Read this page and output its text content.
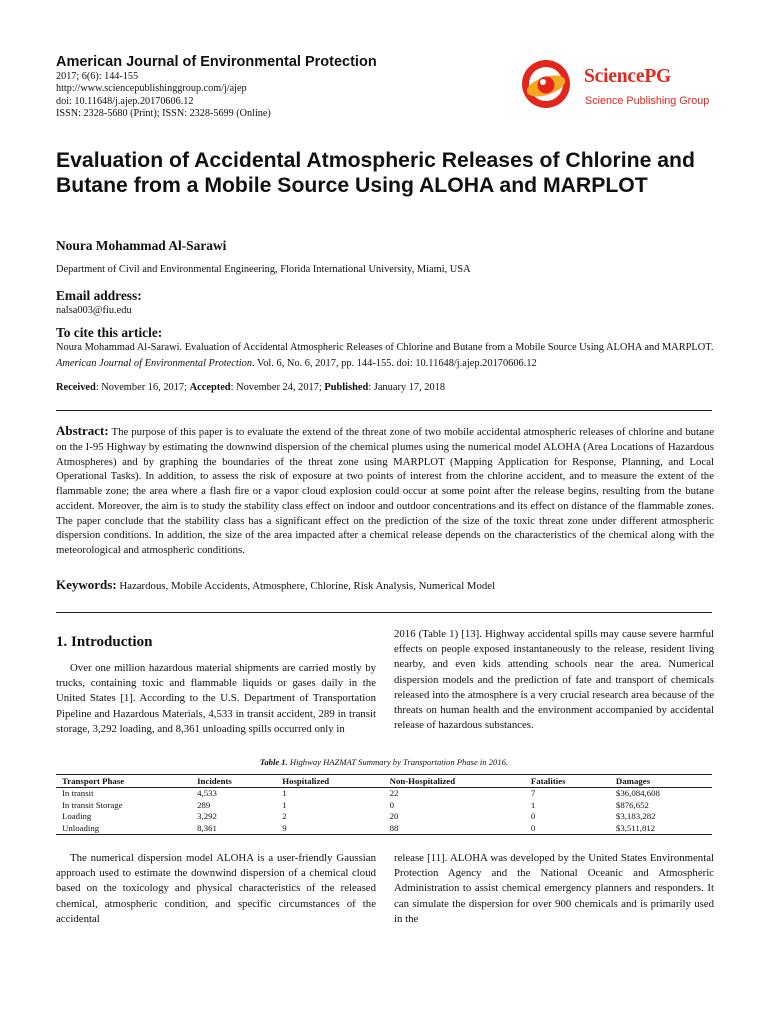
American Journal of Environmental Protection
2017; 6(6): 144-155
http://www.sciencepublishinggroup.com/j/ajep
doi: 10.11648/j.ajep.20170606.12
ISSN: 2328-5680 (Print); ISSN: 2328-5699 (Online)
SciencePG
Science Publishing Group
Evaluation of Accidental Atmospheric Releases of Chlorine and Butane from a Mobile Source Using ALOHA and MARPLOT
Noura Mohammad Al-Sarawi
Department of Civil and Environmental Engineering, Florida International University, Miami, USA
Email address:
nalsa003@fiu.edu
To cite this article:
Noura Mohammad Al-Sarawi. Evaluation of Accidental Atmospheric Releases of Chlorine and Butane from a Mobile Source Using ALOHA and MARPLOT. American Journal of Environmental Protection. Vol. 6, No. 6, 2017, pp. 144-155. doi: 10.11648/j.ajep.20170606.12
Received: November 16, 2017; Accepted: November 24, 2017; Published: January 17, 2018
Abstract: The purpose of this paper is to evaluate the extend of the threat zone of two mobile accidental atmospheric releases of chlorine and butane on the I-95 Highway by estimating the downwind dispersion of the chemical plumes using the numerical model ALOHA (Area Locations of Hazardous Atmospheres) and by graphing the boundaries of the threat zone using MARPLOT (Mapping Application for Response, Planning, and Local Operational Tasks). In addition, to assess the risk of exposure at two points of interest from the chlorine accident, and to measure the extent of the flammable zone; the area where a flash fire or a vapor cloud explosion could occur at some point after the release begins, resulting from the butane accident. Moreover, the aim is to study the stability class effect on indoor and outdoor concentrations and its effect on distance of the flammable zones. The paper conclude that the stability class has a significant effect on the prediction of the size of the toxic threat zone under different atmospheric dispersion conditions. In addition, the size of the area impacted after a chemical release depends on the characteristics of the chemical along with the meteorological and atmospheric conditions.
Keywords: Hazardous, Mobile Accidents, Atmosphere, Chlorine, Risk Analysis, Numerical Model
1. Introduction
Over one million hazardous material shipments are carried mostly by trucks, containing toxic and flammable liquids or gases daily in the United States [1]. According to the U.S. Department of Transportation Pipeline and Hazardous Materials, 4,533 in transit accident, 289 in transit storage, 3,292 loading, and 8,361 unloading spills occurred only in
2016 (Table 1) [13]. Highway accidental spills may cause severe harmful effects on people exposed instantaneously to the release, resident living nearby, and even kids attending schools near the area. Numerical dispersion models and the prediction of fate and transport of chemicals released into the atmosphere is a very crucial research area because of the threats on human health and the environment accompanied by accidental release of hazardous substances.
Table 1. Highway HAZMAT Summary by Transportation Phase in 2016.
Transport Phase	Incidents	Hospitalized	Non-Hospitalized	Fatalities	Damages
In transit	4,533	1	22	7	$36,084,608
In transit Storage	289	1	0	1	$876,652
Loading	3,292	2	20	0	$3,183,282
Unloading	8,361	9	88	0	$3,511,812
The numerical dispersion model ALOHA is a user-friendly Gaussian approach used to estimate the downwind dispersion of a chemical cloud based on the toxicology and physical characteristics of the released chemical, atmospheric condition, and specific circumstances of the accidental
release [11]. ALOHA was developed by the United States Environmental Protection Agency and the National Oceanic and Atmospheric Administration to assist chemical emergency planners and responders. It can simulate the dispersion for over 900 chemicals and is primarily used in the
